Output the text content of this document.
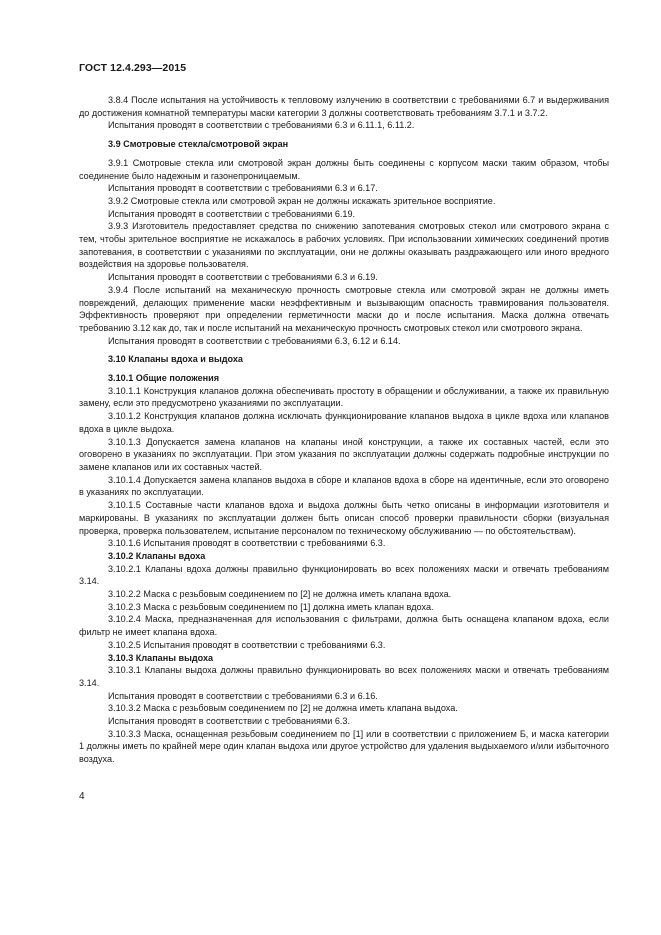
ГОСТ 12.4.293—2015

3.8.4 После испытания на устойчивость к тепловому излучению в соответствии с требованиями 6.7 и выдерживания до достижения комнатной температуры маски категории 3 должны соответствовать требованиям 3.7.1 и 3.7.2.

Испытания проводят в соответствии с требованиями 6.3 и 6.11.1, 6.11.2.

3.9 Смотровые стекла/смотровой экран

3.9.1 Смотровые стекла или смотровой экран должны быть соединены с корпусом маски таким образом, чтобы соединение было надежным и газонепроницаемым.

Испытания проводят в соответствии с требованиями 6.3 и 6.17.

3.9.2 Смотровые стекла или смотровой экран не должны искажать зрительное восприятие.

Испытания проводят в соответствии с требованиями 6.19.

3.9.3 Изготовитель предоставляет средства по снижению запотевания смотровых стекол или смотрового экрана с тем, чтобы зрительное восприятие не искажалось в рабочих условиях. При использовании химических соединений против запотевания, в соответствии с указаниями по эксплуатации, они не должны оказывать раздражающего или иного вредного воздействия на здоровье пользователя.

Испытания проводят в соответствии с требованиями 6.3 и 6.19.

3.9.4 После испытаний на механическую прочность смотровые стекла или смотровой экран не должны иметь повреждений, делающих применение маски неэффективным и вызывающим опасность травмирования пользователя. Эффективность проверяют при определении герметичности маски до и после испытания. Маска должна отвечать требованию 3.12 как до, так и после испытаний на механическую прочность смотровых стекол или смотрового экрана.

Испытания проводят в соответствии с требованиями 6.3, 6.12 и 6.14.

3.10 Клапаны вдоха и выдоха

3.10.1 Общие положения

3.10.1.1 Конструкция клапанов должна обеспечивать простоту в обращении и обслуживании, а также их правильную замену, если это предусмотрено указаниями по эксплуатации.

3.10.1.2 Конструкция клапанов должна исключать функционирование клапанов выдоха в цикле вдоха или клапанов вдоха в цикле выдоха.

3.10.1.3 Допускается замена клапанов на клапаны иной конструкции, а также их составных частей, если это оговорено в указаниях по эксплуатации. При этом указания по эксплуатации должны содержать подробные инструкции по замене клапанов или их составных частей.

3.10.1.4 Допускается замена клапанов выдоха в сборе и клапанов вдоха в сборе на идентичные, если это оговорено в указаниях по эксплуатации.

3.10.1.5 Составные части клапанов вдоха и выдоха должны быть четко описаны в информации изготовителя и маркированы. В указаниях по эксплуатации должен быть описан способ проверки правильности сборки (визуальная проверка, проверка пользователем, испытание персоналом по техническому обслуживанию — по обстоятельствам).

3.10.1.6 Испытания проводят в соответствии с требованиями 6.3.

3.10.2 Клапаны вдоха

3.10.2.1 Клапаны вдоха должны правильно функционировать во всех положениях маски и отвечать требованиям 3.14.

3.10.2.2 Маска с резьбовым соединением по [2] не должна иметь клапана вдоха.

3.10.2.3 Маска с резьбовым соединением по [1] должна иметь клапан вдоха.

3.10.2.4 Маска, предназначенная для использования с фильтрами, должна быть оснащена клапаном вдоха, если фильтр не имеет клапана вдоха.

3.10.2.5 Испытания проводят в соответствии с требованиями 6.3.

3.10.3 Клапаны выдоха

3.10.3.1 Клапаны выдоха должны правильно функционировать во всех положениях маски и отвечать требованиям 3.14.

Испытания проводят в соответствии с требованиями 6.3 и 6.16.

3.10.3.2 Маска с резьбовым соединением по [2] не должна иметь клапана выдоха.

Испытания проводят в соответствии с требованиями 6.3.

3.10.3.3 Маска, оснащенная резьбовым соединением по [1] или в соответствии с приложением Б, и маска категории 1 должны иметь по крайней мере один клапан выдоха или другое устройство для удаления выдыхаемого и/или избыточного воздуха.

4
